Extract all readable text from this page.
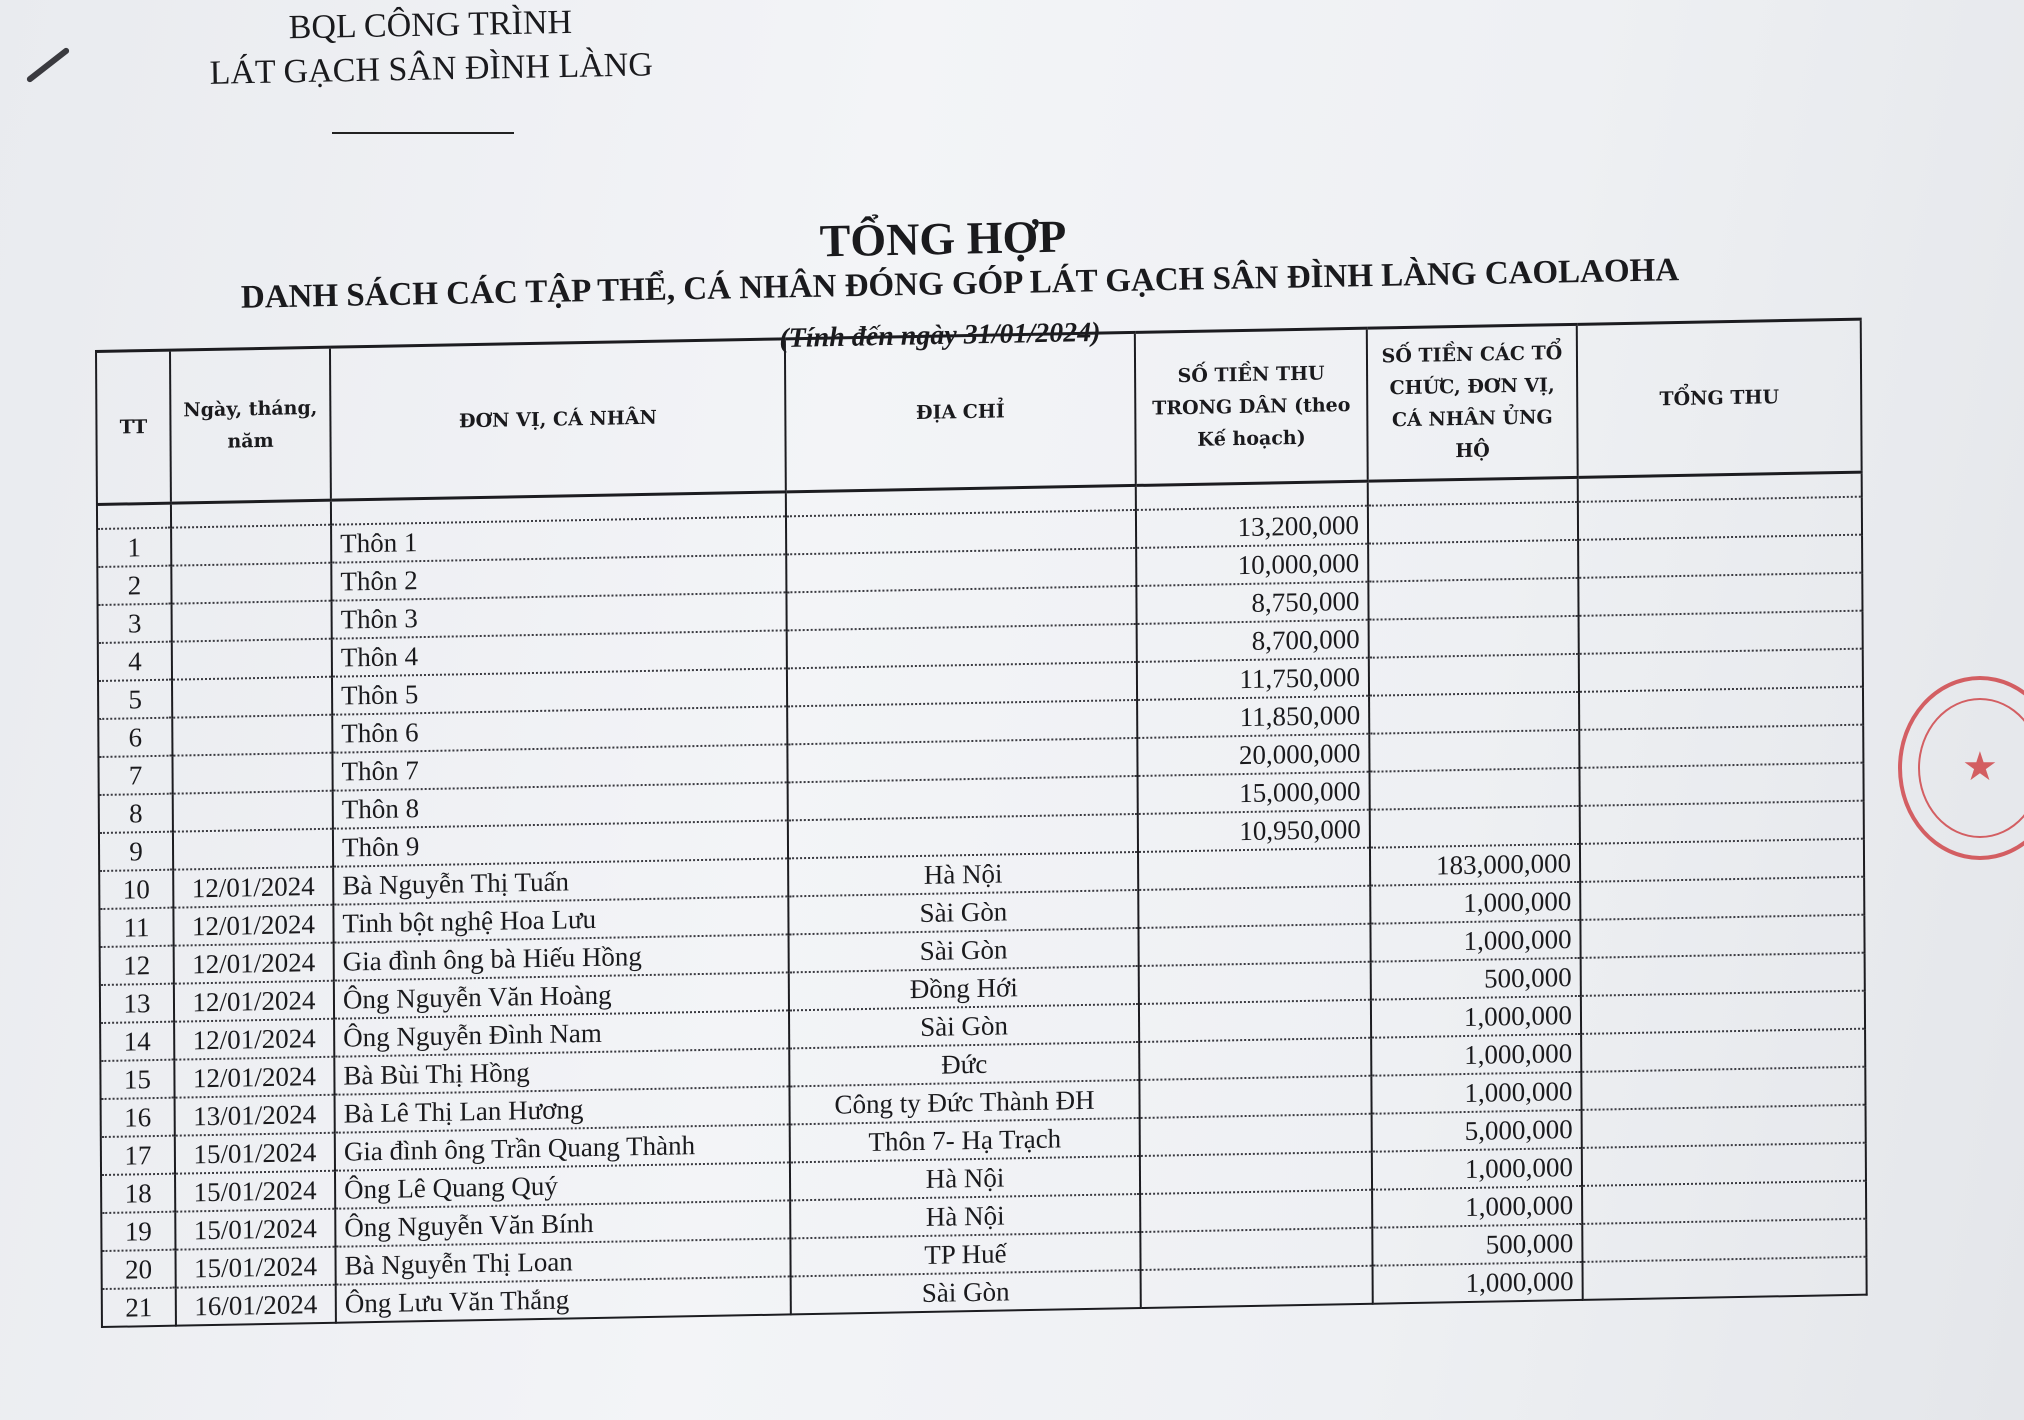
BQL CÔNG TRÌNH
LÁT GẠCH SÂN ĐÌNH LÀNG
TỔNG HỢP
DANH SÁCH CÁC TẬP THỂ, CÁ NHÂN ĐÓNG GÓP LÁT GẠCH SÂN ĐÌNH LÀNG CAOLAOHA
(Tính đến ngày 31/01/2024)
TT	Ngày, tháng, năm	ĐƠN VỊ, CÁ NHÂN	ĐỊA CHỈ	SỐ TIỀN THU TRONG DÂN (theo Kế hoạch)	SỐ TIỀN CÁC TỔ CHỨC, ĐƠN VỊ, CÁ NHÂN ỦNG HỘ	TỔNG THU

1		Thôn 1		13,200,000		
2		Thôn 2		10,000,000		
3		Thôn 3		8,750,000		
4		Thôn 4		8,700,000		
5		Thôn 5		11,750,000		
6		Thôn 6		11,850,000		
7		Thôn 7		20,000,000		
8		Thôn 8		15,000,000		
9		Thôn 9		10,950,000		
10	12/01/2024	Bà Nguyễn Thị Tuấn	Hà Nội		183,000,000	
11	12/01/2024	Tinh bột nghệ Hoa Lưu	Sài Gòn		1,000,000	
12	12/01/2024	Gia đình ông bà Hiếu Hồng	Sài Gòn		1,000,000	
13	12/01/2024	Ông Nguyễn Văn Hoàng	Đồng Hới		500,000	
14	12/01/2024	Ông Nguyễn Đình Nam	Sài Gòn		1,000,000	
15	12/01/2024	Bà Bùi Thị Hồng	Đức		1,000,000	
16	13/01/2024	Bà Lê Thị Lan Hương	Công ty Đức Thành ĐH		1,000,000	
17	15/01/2024	Gia đình ông Trần Quang Thành	Thôn 7- Hạ Trạch		5,000,000	
18	15/01/2024	Ông Lê Quang Quý	Hà Nội		1,000,000	
19	15/01/2024	Ông Nguyễn Văn Bính	Hà Nội		1,000,000	
20	15/01/2024	Bà Nguyễn Thị Loan	TP Huế		500,000	
21	16/01/2024	Ông Lưu Văn Thắng	Sài Gòn		1,000,000	
★
